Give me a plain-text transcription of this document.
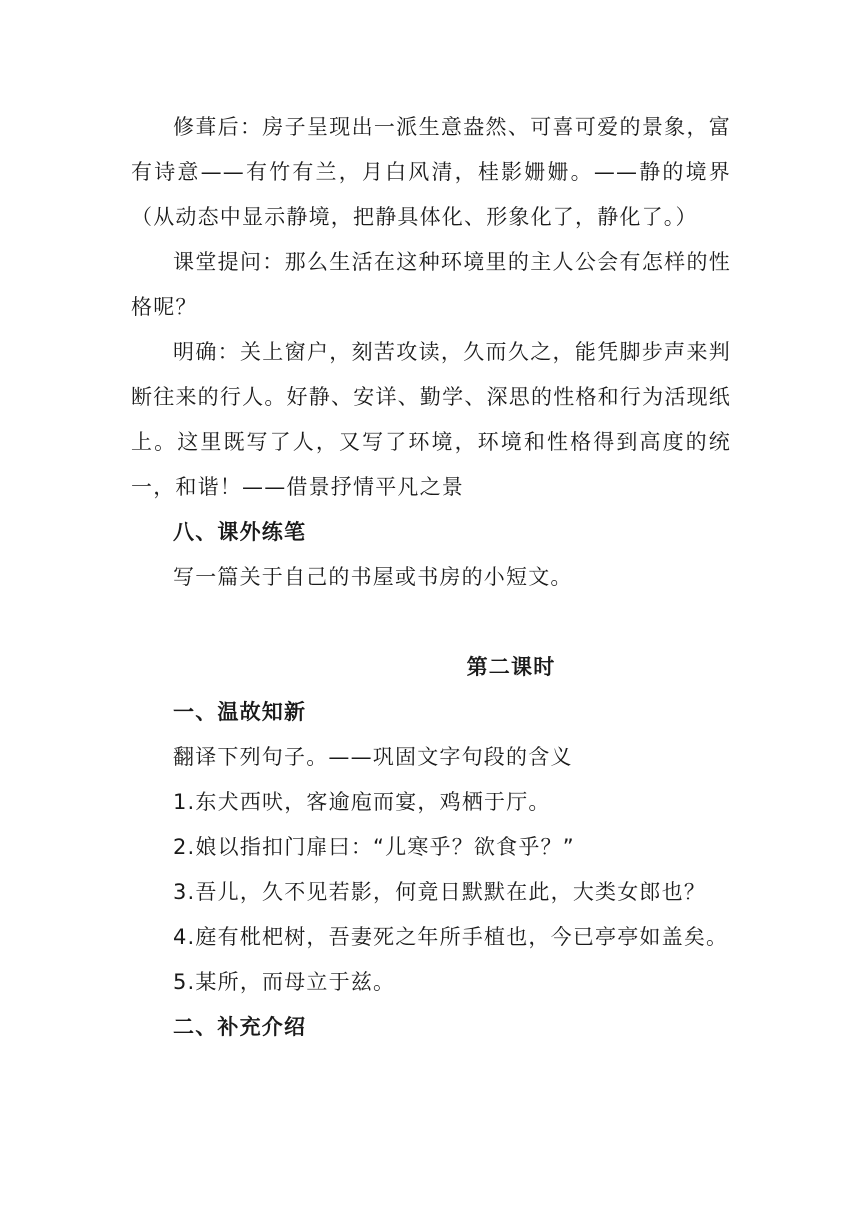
修葺后：房子呈现出一派生意盎然、可喜可爱的景象，富有诗意——有竹有兰，月白风清，桂影姗姗。——静的境界（从动态中显示静境，把静具体化、形象化了，静化了。）

课堂提问：那么生活在这种环境里的主人公会有怎样的性格呢？

明确：关上窗户，刻苦攻读，久而久之，能凭脚步声来判断往来的行人。好静、安详、勤学、深思的性格和行为活现纸上。这里既写了人，又写了环境，环境和性格得到高度的统一，和谐！——借景抒情平凡之景

八、课外练笔

写一篇关于自己的书屋或书房的小短文。

第二课时

一、温故知新

翻译下列句子。——巩固文字句段的含义

1.东犬西吠，客逾庖而宴，鸡栖于厅。

2.娘以指扣门扉曰：“儿寒乎？欲食乎？”

3.吾儿，久不见若影，何竟日默默在此，大类女郎也？

4.庭有枇杷树，吾妻死之年所手植也，今已亭亭如盖矣。

5.某所，而母立于兹。

二、补充介绍
